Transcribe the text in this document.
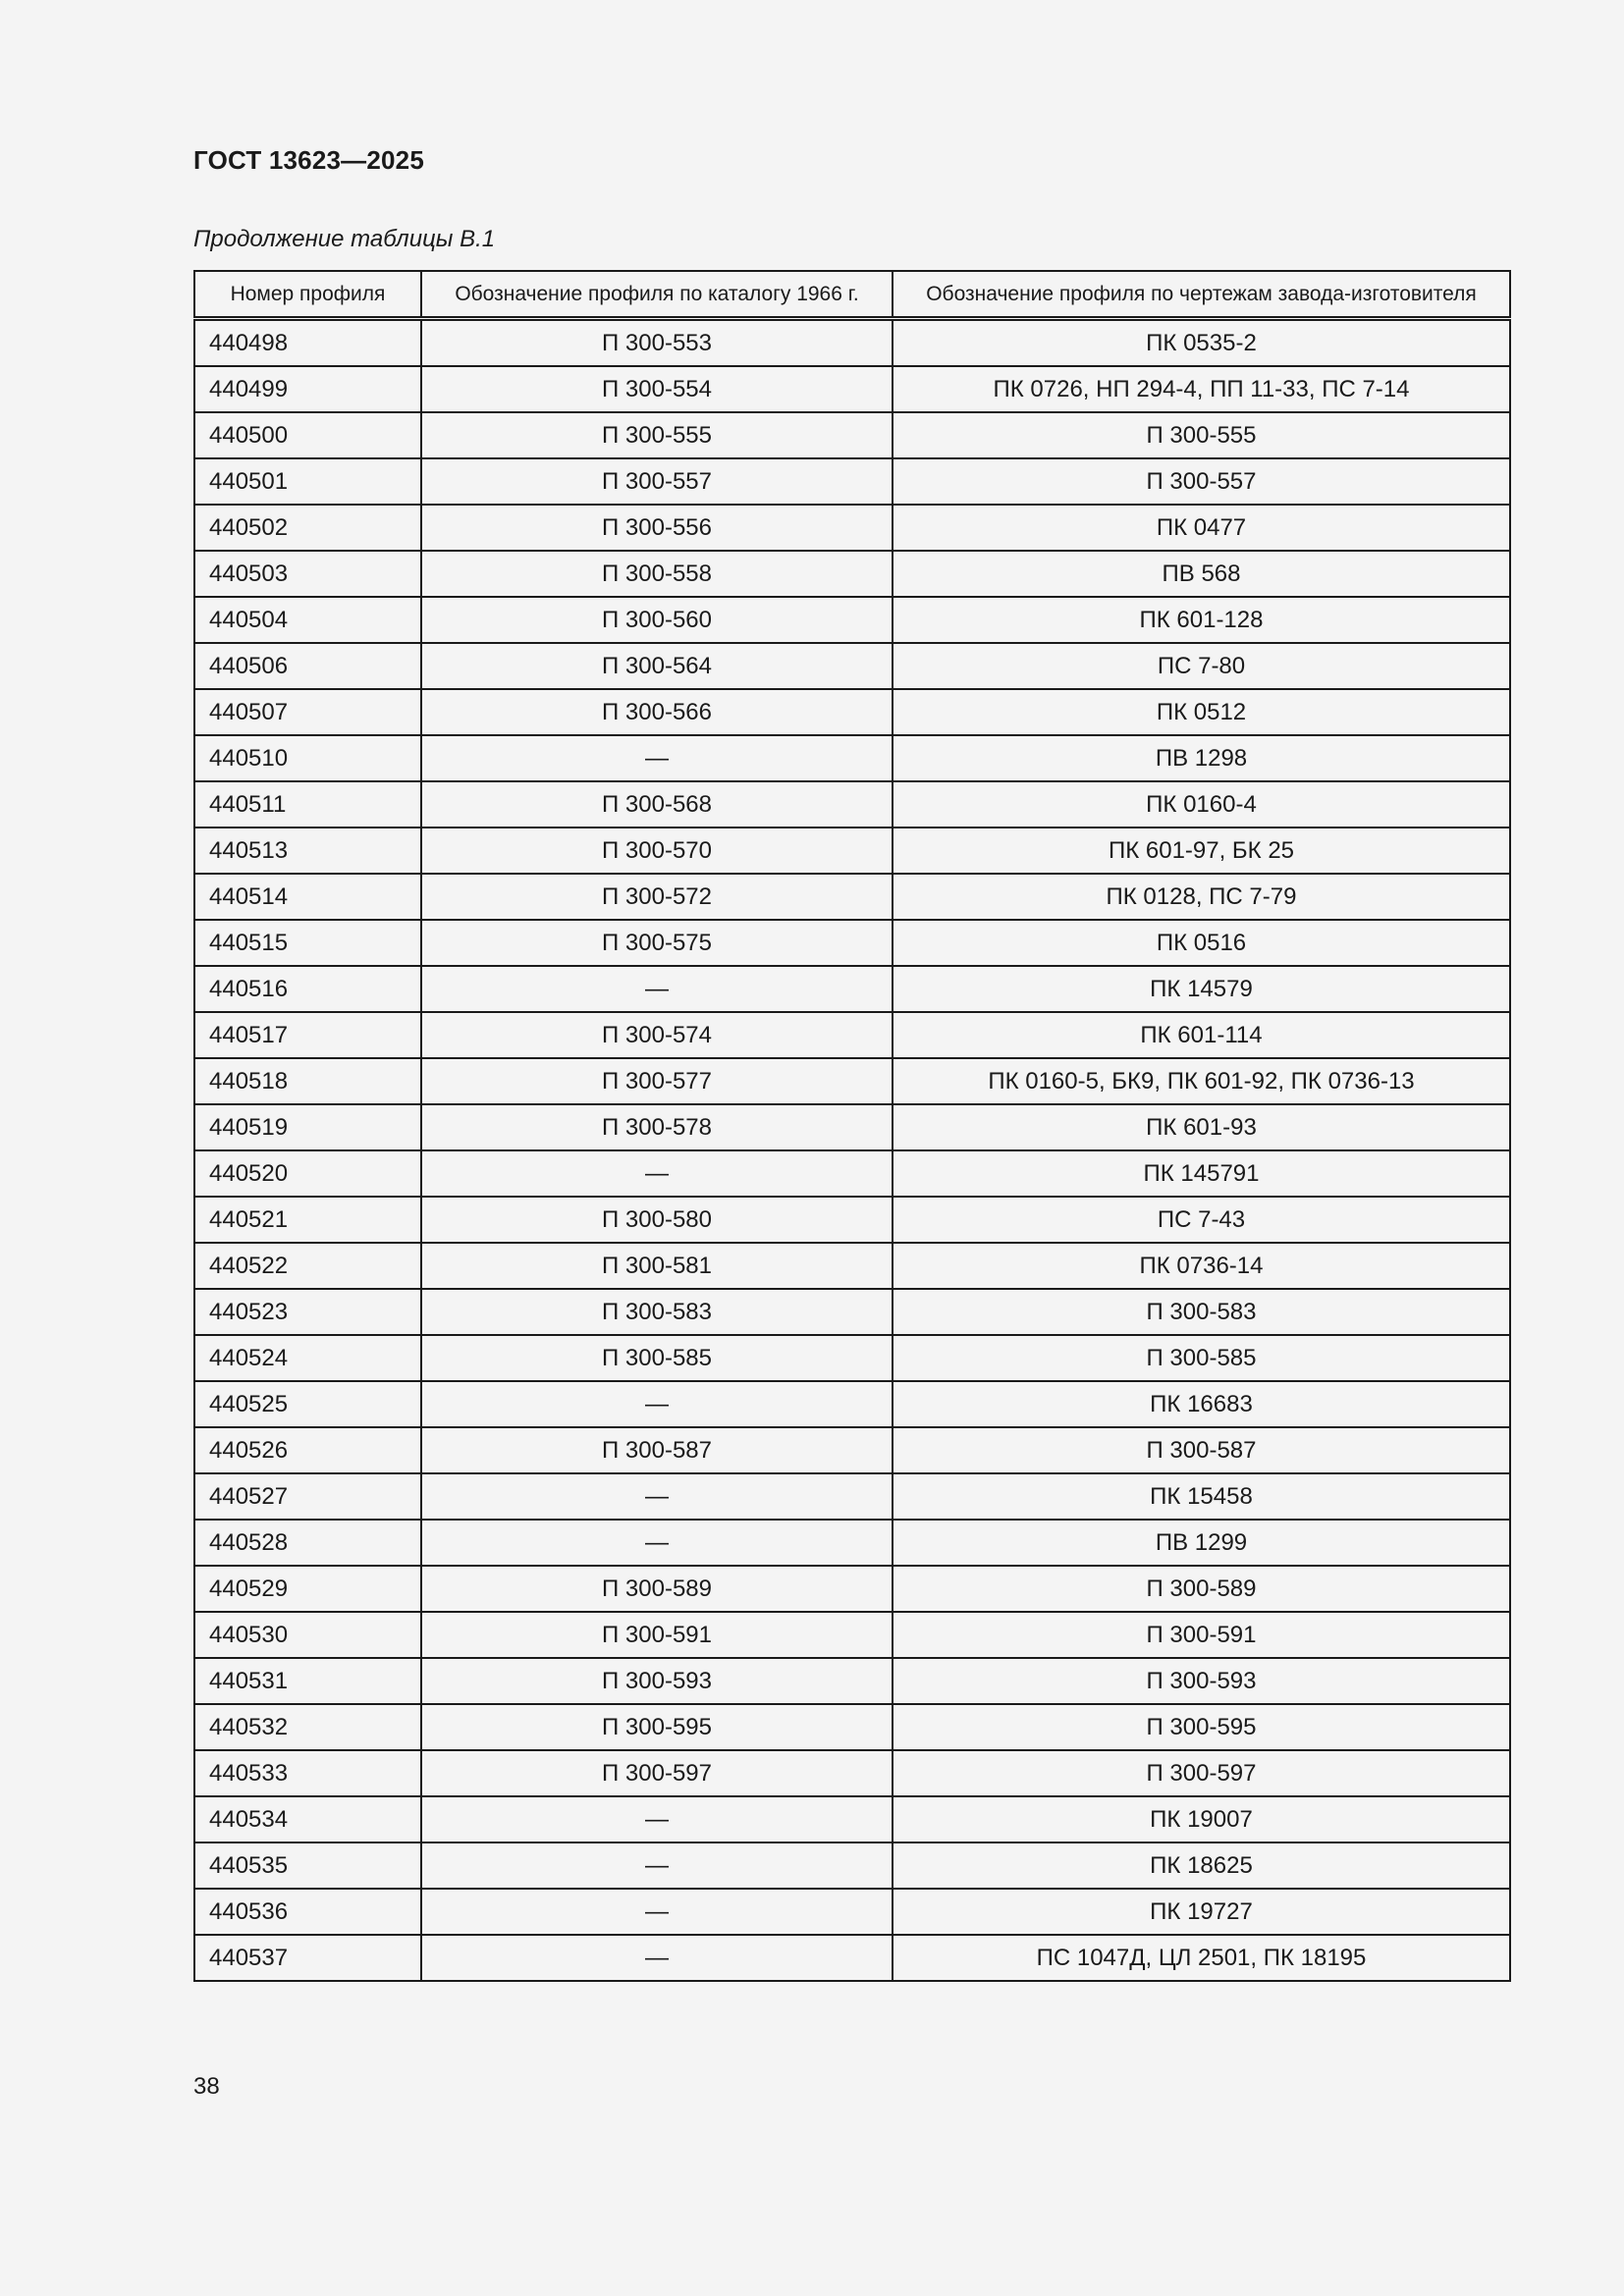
ГОСТ 13623—2025
Продолжение таблицы В.1
Номер профиля	Обозначение профиля по каталогу 1966 г.	Обозначение профиля по чертежам завода-изготовителя
440498	П 300-553	ПК 0535-2
440499	П 300-554	ПК 0726, НП 294-4, ПП 11-33, ПС 7-14
440500	П 300-555	П 300-555
440501	П 300-557	П 300-557
440502	П 300-556	ПК 0477
440503	П 300-558	ПВ 568
440504	П 300-560	ПК 601-128
440506	П 300-564	ПС 7-80
440507	П 300-566	ПК 0512
440510	—	ПВ 1298
440511	П 300-568	ПК 0160-4
440513	П 300-570	ПК 601-97, БК 25
440514	П 300-572	ПК 0128, ПС 7-79
440515	П 300-575	ПК 0516
440516	—	ПК 14579
440517	П 300-574	ПК 601-114
440518	П 300-577	ПК 0160-5, БК9, ПК 601-92, ПК 0736-13
440519	П 300-578	ПК 601-93
440520	—	ПК 145791
440521	П 300-580	ПС 7-43
440522	П 300-581	ПК 0736-14
440523	П 300-583	П 300-583
440524	П 300-585	П 300-585
440525	—	ПК 16683
440526	П 300-587	П 300-587
440527	—	ПК 15458
440528	—	ПВ 1299
440529	П 300-589	П 300-589
440530	П 300-591	П 300-591
440531	П 300-593	П 300-593
440532	П 300-595	П 300-595
440533	П 300-597	П 300-597
440534	—	ПК 19007
440535	—	ПК 18625
440536	—	ПК 19727
440537	—	ПС 1047Д, ЦЛ 2501, ПК 18195
38
